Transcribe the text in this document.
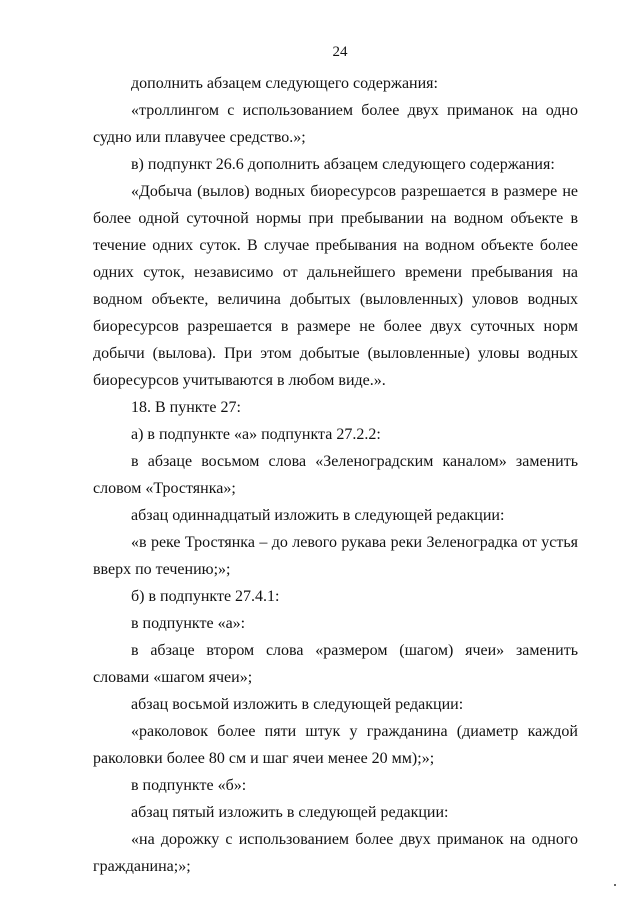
24

дополнить абзацем следующего содержания:

«троллингом с использованием более двух приманок на одно судно или плавучее средство.»;

в) подпункт 26.6 дополнить абзацем следующего содержания:

«Добыча (вылов) водных биоресурсов разрешается в размере не более одной суточной нормы при пребывании на водном объекте в течение одних суток. В случае пребывания на водном объекте более одних суток, независимо от дальнейшего времени пребывания на водном объекте, величина добытых (выловленных) уловов водных биоресурсов разрешается в размере не более двух суточных норм добычи (вылова). При этом добытые (выловленные) уловы водных биоресурсов учитываются в любом виде.».

18. В пункте 27:

а) в подпункте «а» подпункта 27.2.2:

в абзаце восьмом слова «Зеленоградским каналом» заменить словом «Тростянка»;

абзац одиннадцатый изложить в следующей редакции:

«в реке Тростянка – до левого рукава реки Зеленоградка от устья вверх по течению;»;

б) в подпункте 27.4.1:

в подпункте «а»:

в абзаце втором слова «размером (шагом) ячеи» заменить словами «шагом ячеи»;

абзац восьмой изложить в следующей редакции:

«раколовок более пяти штук у гражданина (диаметр каждой раколовки более 80 см и шаг ячеи менее 20 мм);»;

в подпункте «б»:

абзац пятый изложить в следующей редакции:

«на дорожку с использованием более двух приманок на одного гражданина;»;
